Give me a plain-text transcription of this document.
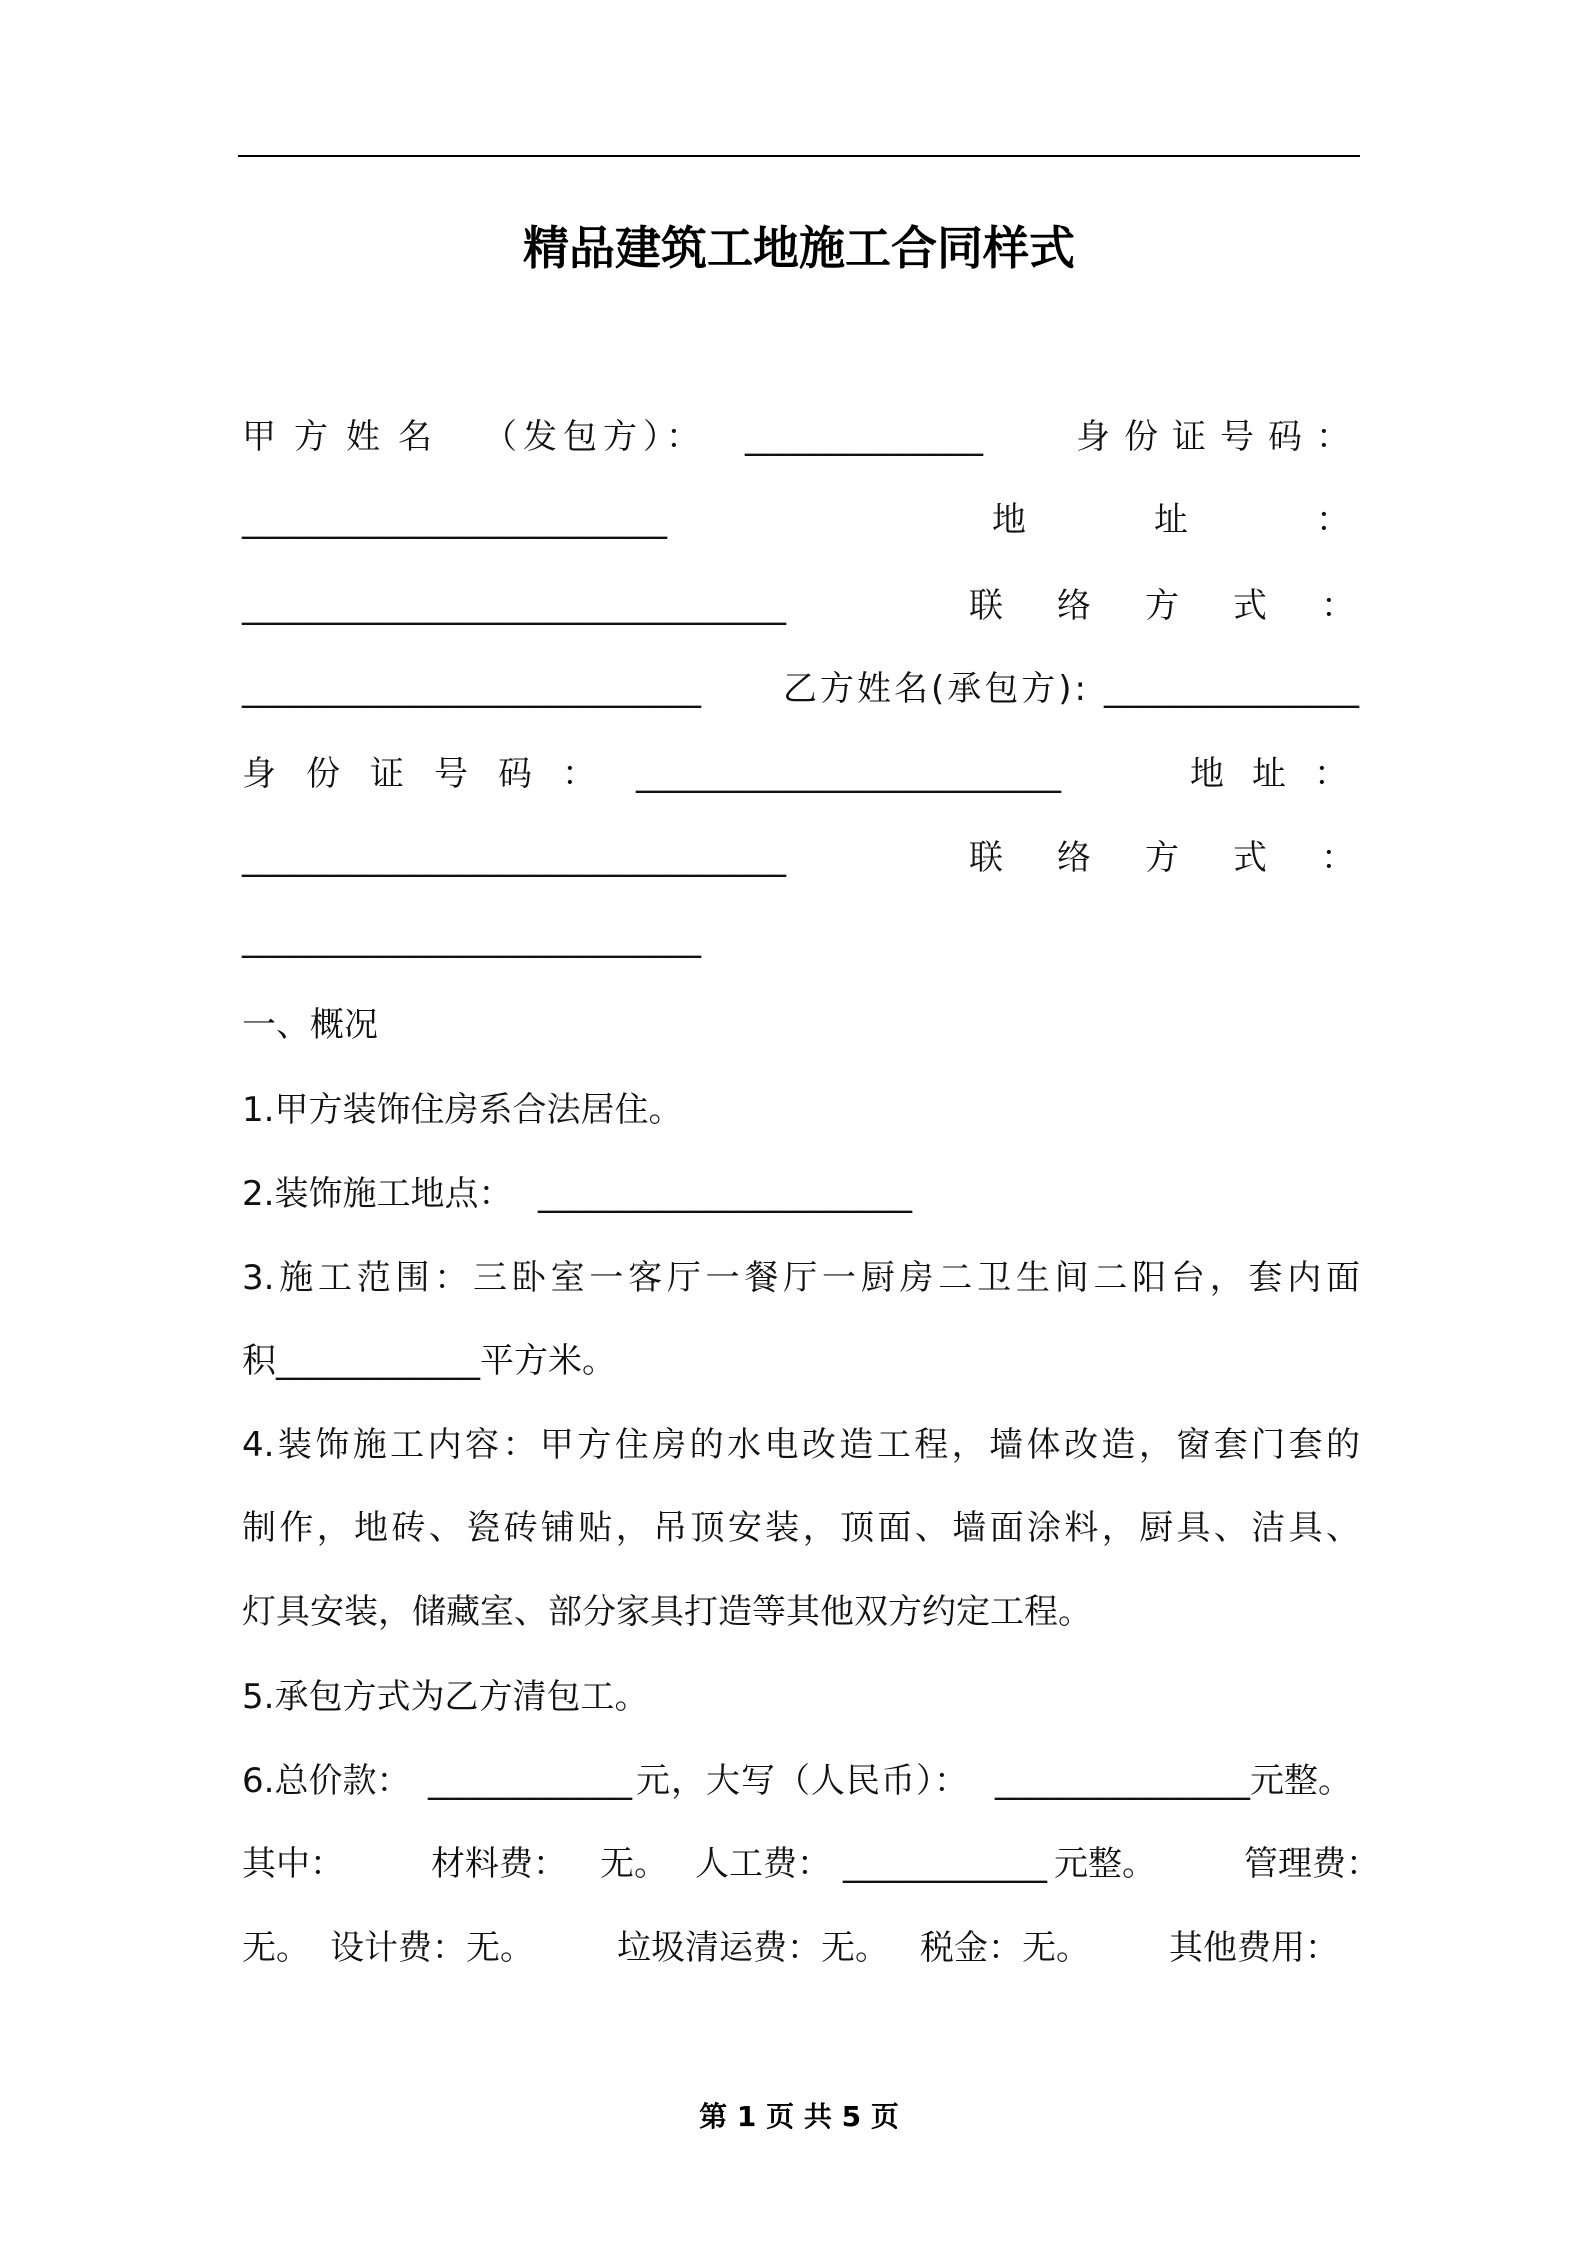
精品建筑工地施工合同样式
甲方姓名 （发包方）： ______________	身份证号码：
_________________________	地址：
________________________________	联络方式：
___________________________ 乙方姓名(承包方): _______________
身份证号码： _________________________	地址：
________________________________	联络方式：
___________________________
一、概况
1.甲方装饰住房系合法居住。
2.装饰施工地点： ______________________
3.施工范围：三卧室一客厅一餐厅一厨房二卫生间二阳台，套内面
积____________平方米。
4.装饰施工内容：甲方住房的水电改造工程，墙体改造，窗套门套的
制作，地砖、瓷砖铺贴，吊顶安装，顶面、墙面涂料，厨具、洁具、
灯具安装，储藏室、部分家具打造等其他双方约定工程。
5.承包方式为乙方清包工。
6.总价款： ____________ 元，大写（人民币）： _______________ 元整。
其中：	材料费： 无。 人工费： ____________ 元整。	管理费：
无。 设计费：无。 垃圾清运费：无。 税金：无。 其他费用：
第 1 页 共 5 页
